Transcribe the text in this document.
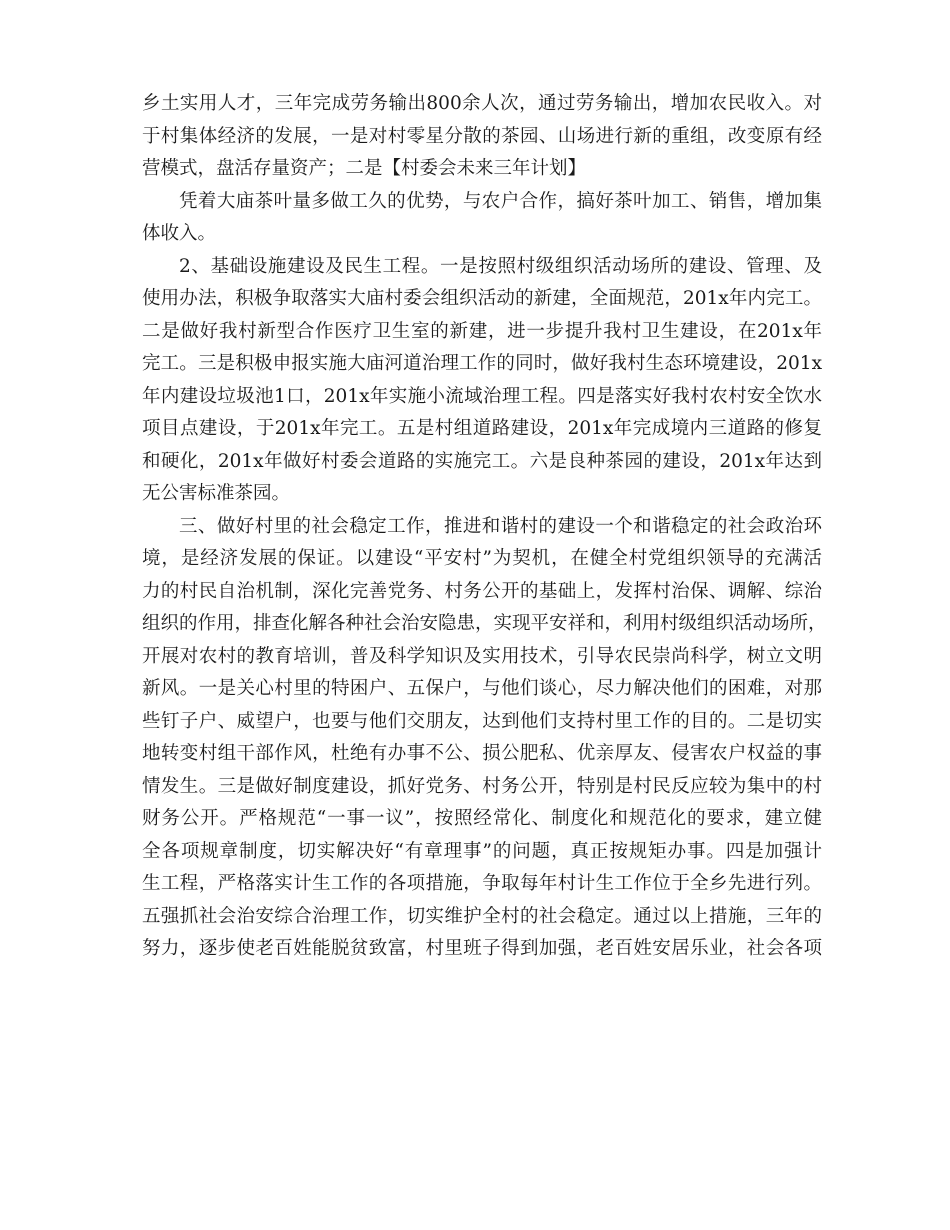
乡土实用人才，三年完成劳务输出800余人次，通过劳务输出，增加农民收入。对
于村集体经济的发展，一是对村零星分散的茶园、山场进行新的重组，改变原有经
营模式，盘活存量资产；二是【村委会未来三年计划】
凭着大庙茶叶量多做工久的优势，与农户合作，搞好茶叶加工、销售，增加集
体收入。
2、基础设施建设及民生工程。一是按照村级组织活动场所的建设、管理、及
使用办法，积极争取落实大庙村委会组织活动的新建，全面规范，201x年内完工。
二是做好我村新型合作医疗卫生室的新建，进一步提升我村卫生建设，在201x年
完工。三是积极申报实施大庙河道治理工作的同时，做好我村生态环境建设，201x
年内建设垃圾池1口，201x年实施小流域治理工程。四是落实好我村农村安全饮水
项目点建设，于201x年完工。五是村组道路建设，201x年完成境内三道路的修复
和硬化，201x年做好村委会道路的实施完工。六是良种茶园的建设，201x年达到
无公害标准茶园。
三、做好村里的社会稳定工作，推进和谐村的建设一个和谐稳定的社会政治环
境，是经济发展的保证。以建设“平安村”为契机，在健全村党组织领导的充满活
力的村民自治机制，深化完善党务、村务公开的基础上，发挥村治保、调解、综治
组织的作用，排查化解各种社会治安隐患，实现平安祥和，利用村级组织活动场所，
开展对农村的教育培训，普及科学知识及实用技术，引导农民崇尚科学，树立文明
新风。一是关心村里的特困户、五保户，与他们谈心，尽力解决他们的困难，对那
些钉子户、威望户，也要与他们交朋友，达到他们支持村里工作的目的。二是切实
地转变村组干部作风，杜绝有办事不公、损公肥私、优亲厚友、侵害农户权益的事
情发生。三是做好制度建设，抓好党务、村务公开，特别是村民反应较为集中的村
财务公开。严格规范“一事一议”，按照经常化、制度化和规范化的要求，建立健
全各项规章制度，切实解决好“有章理事”的问题，真正按规矩办事。四是加强计
生工程，严格落实计生工作的各项措施，争取每年村计生工作位于全乡先进行列。
五强抓社会治安综合治理工作，切实维护全村的社会稳定。通过以上措施，三年的
努力，逐步使老百姓能脱贫致富，村里班子得到加强，老百姓安居乐业，社会各项
